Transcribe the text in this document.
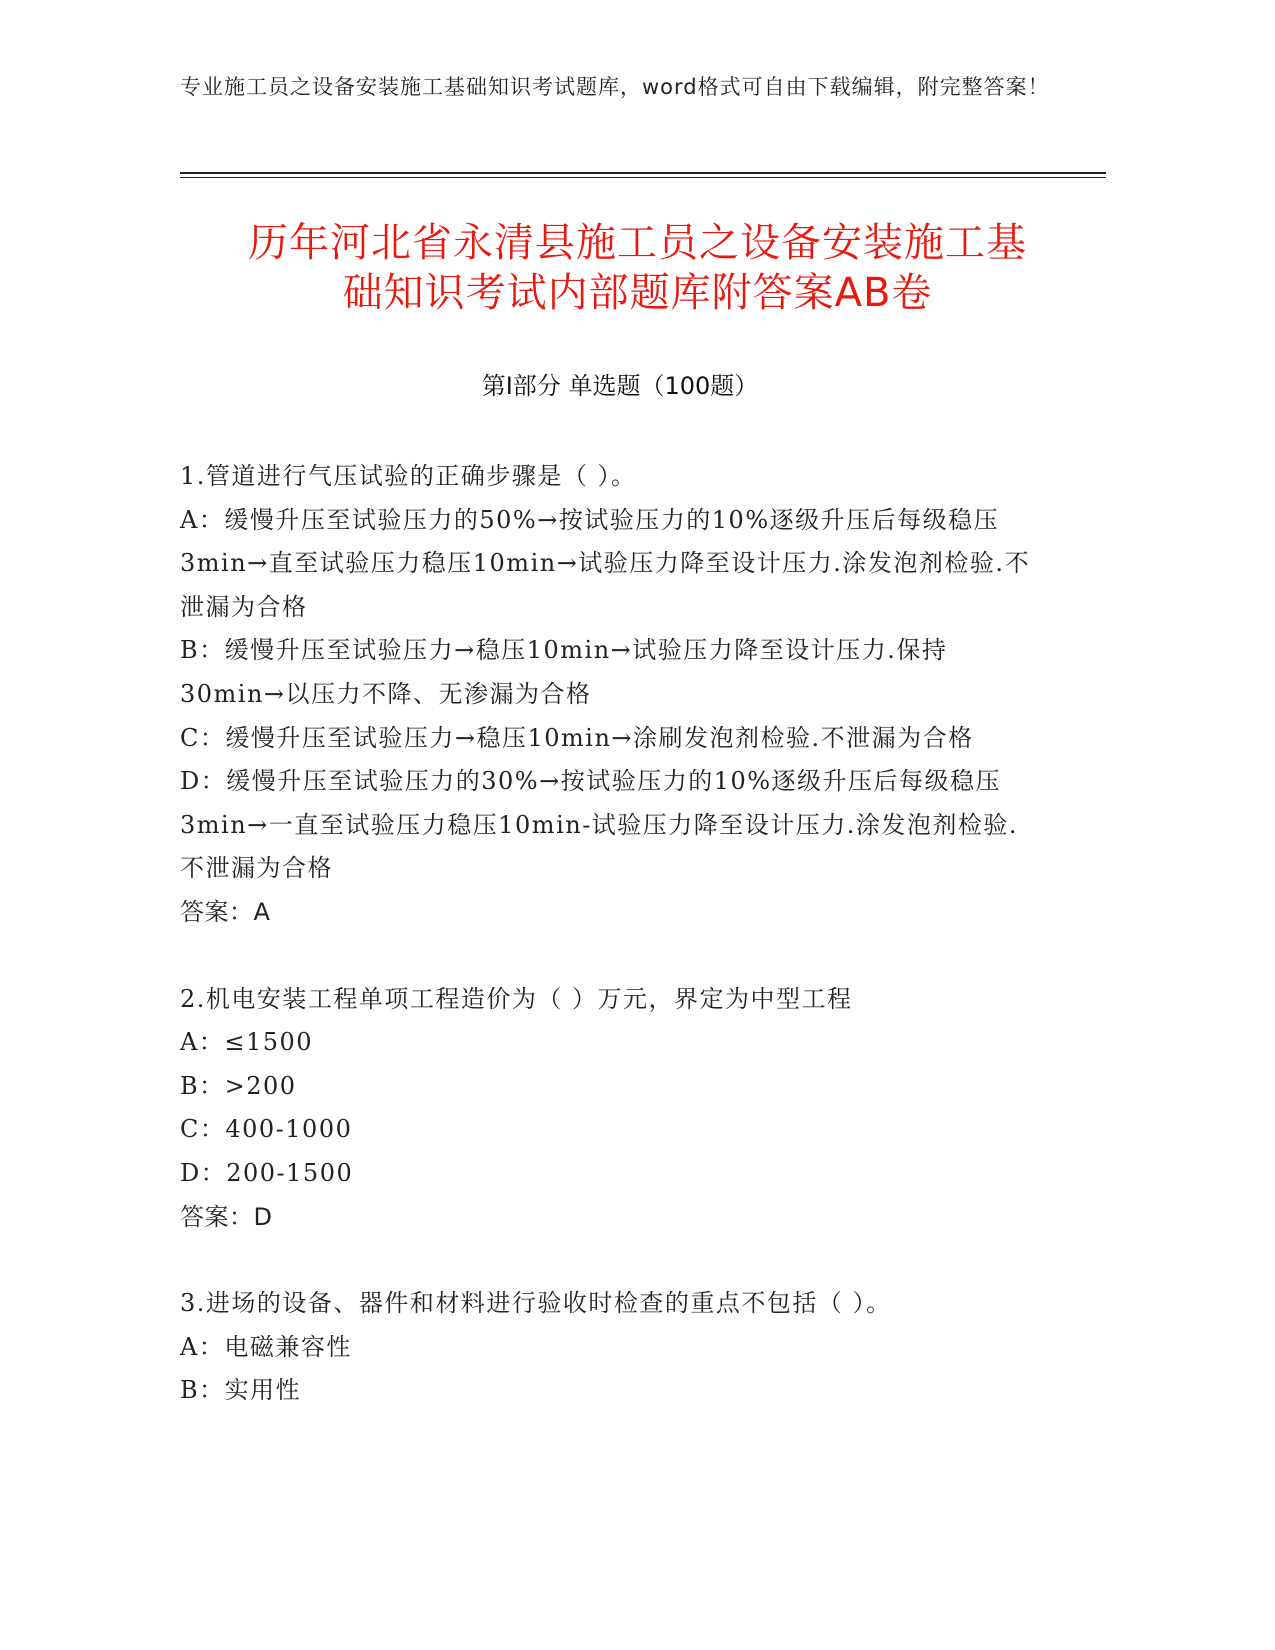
专业施工员之设备安装施工基础知识考试题库，word格式可自由下载编辑，附完整答案！
历年河北省永清县施工员之设备安装施工基
础知识考试内部题库附答案AB卷
第Ⅰ部分 单选题（100题）
1.管道进行气压试验的正确步骤是（ ）。
A：缓慢升压至试验压力的50%→按试验压力的10%逐级升压后每级稳压3min→直至试验压力稳压10min→试验压力降至设计压力.涂发泡剂检验.不泄漏为合格
B：缓慢升压至试验压力→稳压10min→试验压力降至设计压力.保持30min→以压力不降、无渗漏为合格
C：缓慢升压至试验压力→稳压10min→涂刷发泡剂检验.不泄漏为合格
D：缓慢升压至试验压力的30%→按试验压力的10%逐级升压后每级稳压3min→一直至试验压力稳压10min-试验压力降至设计压力.涂发泡剂检验.不泄漏为合格
答案：A
2.机电安装工程单项工程造价为（ ）万元，界定为中型工程
A：≤1500
B：>200
C：400-1000
D：200-1500
答案：D
3.进场的设备、器件和材料进行验收时检查的重点不包括（ ）。
A：电磁兼容性
B：实用性
